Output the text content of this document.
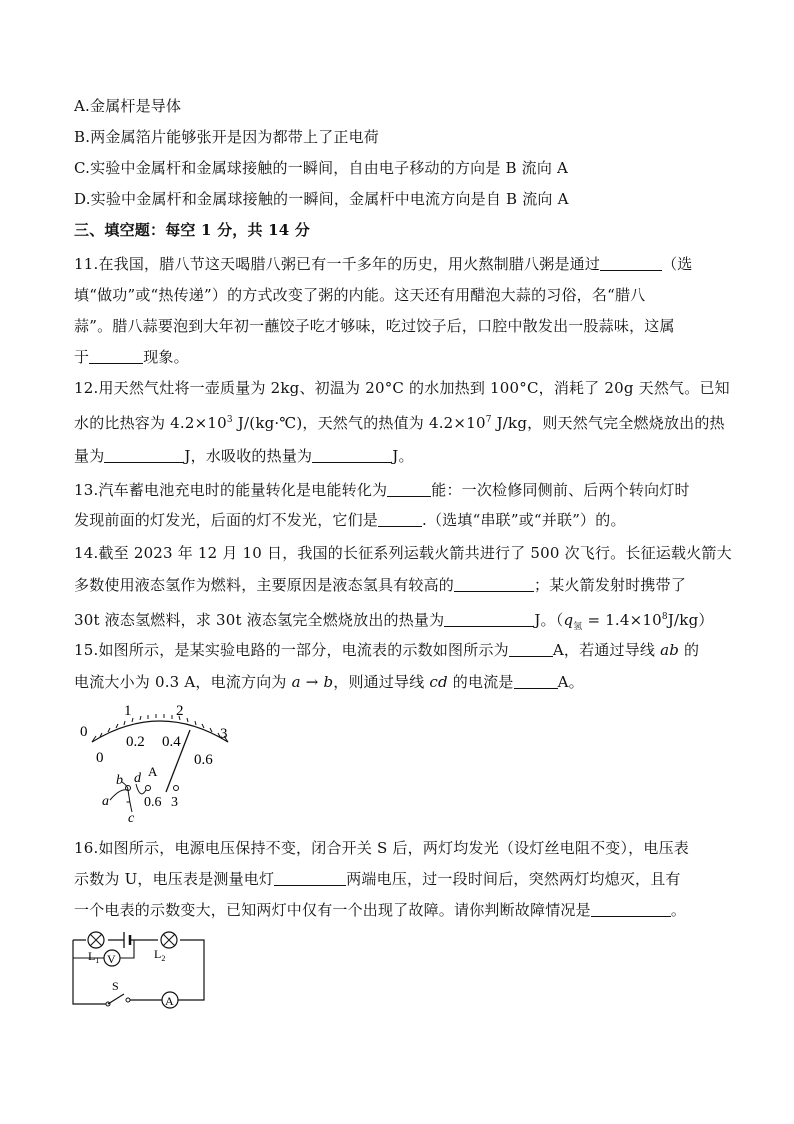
A.金属杆是导体
B.两金属箔片能够张开是因为都带上了正电荷
C.实验中金属杆和金属球接触的一瞬间，自由电子移动的方向是 B 流向 A
D.实验中金属杆和金属球接触的一瞬间，金属杆中电流方向是自 B 流向 A
三、填空题：每空 1 分，共 14 分
11.在我国，腊八节这天喝腊八粥已有一千多年的历史，用火熬制腊八粥是通过	（选
填“做功”或“热传递”）的方式改变了粥的内能。这天还有用醋泡大蒜的习俗，名“腊八
蒜”。腊八蒜要泡到大年初一蘸饺子吃才够味，吃过饺子后，口腔中散发出一股蒜味，这属
于	现象。
12.用天然气灶将一壶质量为 2kg、初温为 20°C 的水加热到 100°C，消耗了 20g 天然气。已知
水的比热容为 $4.2\times 10^3$ J/(kg·℃)，天然气的热值为 $4.2\times 10^7$ J/kg，则天然气完全燃烧放出的热
量为	J，水吸收的热量为	J。
13.汽车蓄电池充电时的能量转化是电能转化为	能：一次检修同侧前、后两个转向灯时
发现前面的灯发光，后面的灯不发光，它们是	.（选填“串联”或“并联”）的。
14.截至 2023 年 12 月 10 日，我国的长征系列运载火箭共进行了 500 次飞行。长征运载火箭大
多数使用液态氢作为燃料，主要原因是液态氢具有较高的	；某火箭发射时携带了
30t 液态氢燃料，求 30t 液态氢完全燃烧放出的热量为	J。$(q_氢 = 1.4\times 10^8J/kg)$
15.如图所示，是某实验电路的一部分，电流表的示数如图所示为	A，若通过导线 ab 的
电流大小为 0.3 A，电流方向为 a → b，则通过导线 cd 的电流是	A。
0
1	2
3
0
0.2 0.4
0.6
A
- 0.6 3
a
b
c
d
16.如图所示，电源电压保持不变，闭合开关 S 后，两灯均发光（设灯丝电阻不变），电压表
示数为 U，电压表是测量电灯	两端电压，过一段时间后，突然两灯均熄灭，且有
一个电表的示数变大，已知两灯中仅有一个出现了故障。请你判断故障情况是	。
V
$L_1$	$L_2$
S
A
